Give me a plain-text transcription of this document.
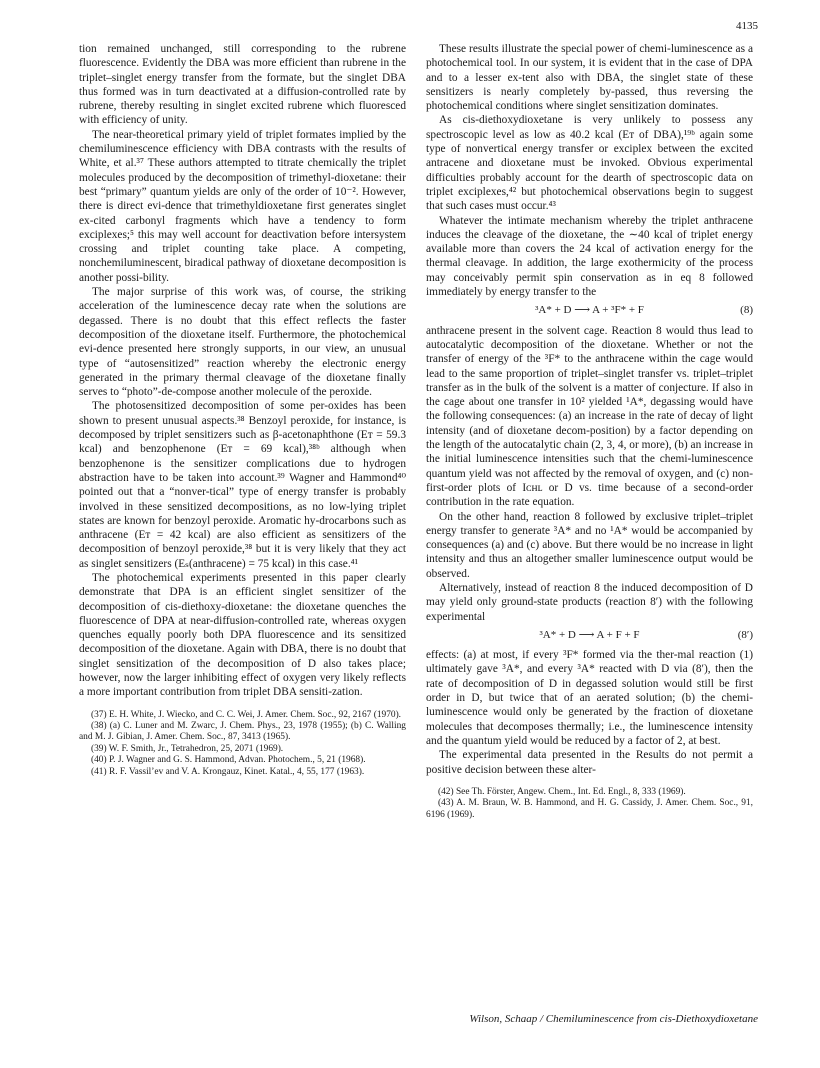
4135

tion remained unchanged, still corresponding to the rubrene fluorescence. Evidently the DBA was more efficient than rubrene in the triplet–singlet energy transfer from the formate, but the singlet DBA thus formed was in turn deactivated at a diffusion-controlled rate by rubrene, thereby resulting in singlet excited rubrene which fluoresced with efficiency of unity.

The near-theoretical primary yield of triplet formates implied by the chemiluminescence efficiency with DBA contrasts with the results of White, et al.³⁷ These authors attempted to titrate chemically the triplet molecules produced by the decomposition of trimethyl-dioxetane: their best “primary” quantum yields are only of the order of 10⁻². However, there is direct evi-dence that trimethyldioxetane first generates singlet ex-cited carbonyl fragments which have a tendency to form exciplexes;⁵ this may well account for deactivation before intersystem crossing and triplet counting take place. A competing, nonchemiluminescent, biradical pathway of dioxetane decomposition is another possi-bility.

The major surprise of this work was, of course, the striking acceleration of the luminescence decay rate when the solutions are degassed. There is no doubt that this effect reflects the faster decomposition of the dioxetane itself. Furthermore, the photochemical evi-dence presented here strongly supports, in our view, an unusual type of “autosensitized” reaction whereby the electronic energy generated in the primary thermal cleavage of the dioxetane finally serves to “photo”-de-compose another molecule of the peroxide.

The photosensitized decomposition of some per-oxides has been shown to present unusual aspects.³⁸ Benzoyl peroxide, for instance, is decomposed by triplet sensitizers such as β-acetonaphthone (Eᴛ = 59.3 kcal) and benzophenone (Eᴛ = 69 kcal),³⁸ᵇ although when benzophenone is the sensitizer complications due to hydrogen abstraction have to be taken into account.³⁹ Wagner and Hammond⁴⁰ pointed out that a “nonver-tical” type of energy transfer is probably involved in these sensitized decompositions, as no low-lying triplet states are known for benzoyl peroxide. Aromatic hy-drocarbons such as anthracene (Eᴛ = 42 kcal) are also efficient as sensitizers of the decomposition of benzoyl peroxide,³⁸ but it is very likely that they act as singlet sensitizers (Eₛ(anthracene) = 75 kcal) in this case.⁴¹

The photochemical experiments presented in this paper clearly demonstrate that DPA is an efficient singlet sensitizer of the decomposition of cis-diethoxy-dioxetane: the dioxetane quenches the fluorescence of DPA at near-diffusion-controlled rate, whereas oxygen quenches equally poorly both DPA fluorescence and its sensitized decomposition of the dioxetane. Again with DBA, there is no doubt that singlet sensitization of the decomposition of D also takes place; however, now the larger inhibiting effect of oxygen very likely reflects a more important contribution from triplet DBA sensiti-zation.

(37) E. H. White, J. Wiecko, and C. C. Wei, J. Amer. Chem. Soc., 92, 2167 (1970).

(38) (a) C. Luner and M. Zwarc, J. Chem. Phys., 23, 1978 (1955); (b) C. Walling and M. J. Gibian, J. Amer. Chem. Soc., 87, 3413 (1965).

(39) W. F. Smith, Jr., Tetrahedron, 25, 2071 (1969).

(40) P. J. Wagner and G. S. Hammond, Advan. Photochem., 5, 21 (1968).

(41) R. F. Vassil’ev and V. A. Krongauz, Kinet. Katal., 4, 55, 177 (1963).

These results illustrate the special power of chemi-luminescence as a photochemical tool. In our system, it is evident that in the case of DPA and to a lesser ex-tent also with DBA, the singlet state of these sensitizers is nearly completely by-passed, thus reversing the photochemical conditions where singlet sensitization dominates.

As cis-diethoxydioxetane is very unlikely to possess any spectroscopic level as low as 40.2 kcal (Eᴛ of DBA),¹⁹ᵇ again some type of nonvertical energy transfer or exciplex between the excited antracene and dioxetane must be invoked. Obvious experimental difficulties probably account for the dearth of spectroscopic data on triplet exciplexes,⁴² but photochemical observations begin to suggest that such cases must occur.⁴³

Whatever the intimate mechanism whereby the triplet anthracene induces the cleavage of the dioxetane, the ∼40 kcal of triplet energy available more than covers the 24 kcal of activation energy for the thermal cleavage. In addition, the large exothermicity of the process may conceivably permit spin conservation as in eq 8 followed immediately by energy transfer to the

³A* + D ⟶ A + ³F* + F	(8)

anthracene present in the solvent cage. Reaction 8 would thus lead to autocatalytic decomposition of the dioxetane. Whether or not the transfer of energy of the ³F* to the anthracene within the cage would lead to the same proportion of triplet–singlet transfer vs. triplet–triplet transfer as in the bulk of the solvent is a matter of conjecture. If also in the cage about one transfer in 10² yielded ¹A*, degassing would have the following consequences: (a) an increase in the rate of decay of light intensity (and of dioxetane decom-position) by a factor depending on the length of the autocatalytic chain (2, 3, 4, or more), (b) an increase in the initial luminescence intensities such that the chemi-luminescence quantum yield was not affected by the removal of oxygen, and (c) non-first-order plots of Iᴄʜʟ or D vs. time because of a second-order contribution in the rate equation.

On the other hand, reaction 8 followed by exclusive triplet–triplet energy transfer to generate ³A* and no ¹A* would be accompanied by consequences (a) and (c) above. But there would be no increase in light intensity and thus an altogether smaller luminescence output would be observed.

Alternatively, instead of reaction 8 the induced decomposition of D may yield only ground-state products (reaction 8′) with the following experimental

³A* + D ⟶ A + F + F	(8′)

effects: (a) at most, if every ³F* formed via the ther-mal reaction (1) ultimately gave ³A*, and every ³A* reacted with D via (8′), then the rate of decomposition of D in degassed solution would still be first order in D, but twice that of an aerated solution; (b) the chemi-luminescence would only be generated by the fraction of dioxetane molecules that decomposes thermally; i.e., the luminescence intensity and the quantum yield would be reduced by a factor of 2, at best.

The experimental data presented in the Results do not permit a positive decision between these alter-

(42) See Th. Förster, Angew. Chem., Int. Ed. Engl., 8, 333 (1969).

(43) A. M. Braun, W. B. Hammond, and H. G. Cassidy, J. Amer. Chem. Soc., 91, 6196 (1969).

Wilson, Schaap / Chemiluminescence from cis-Diethoxydioxetane
